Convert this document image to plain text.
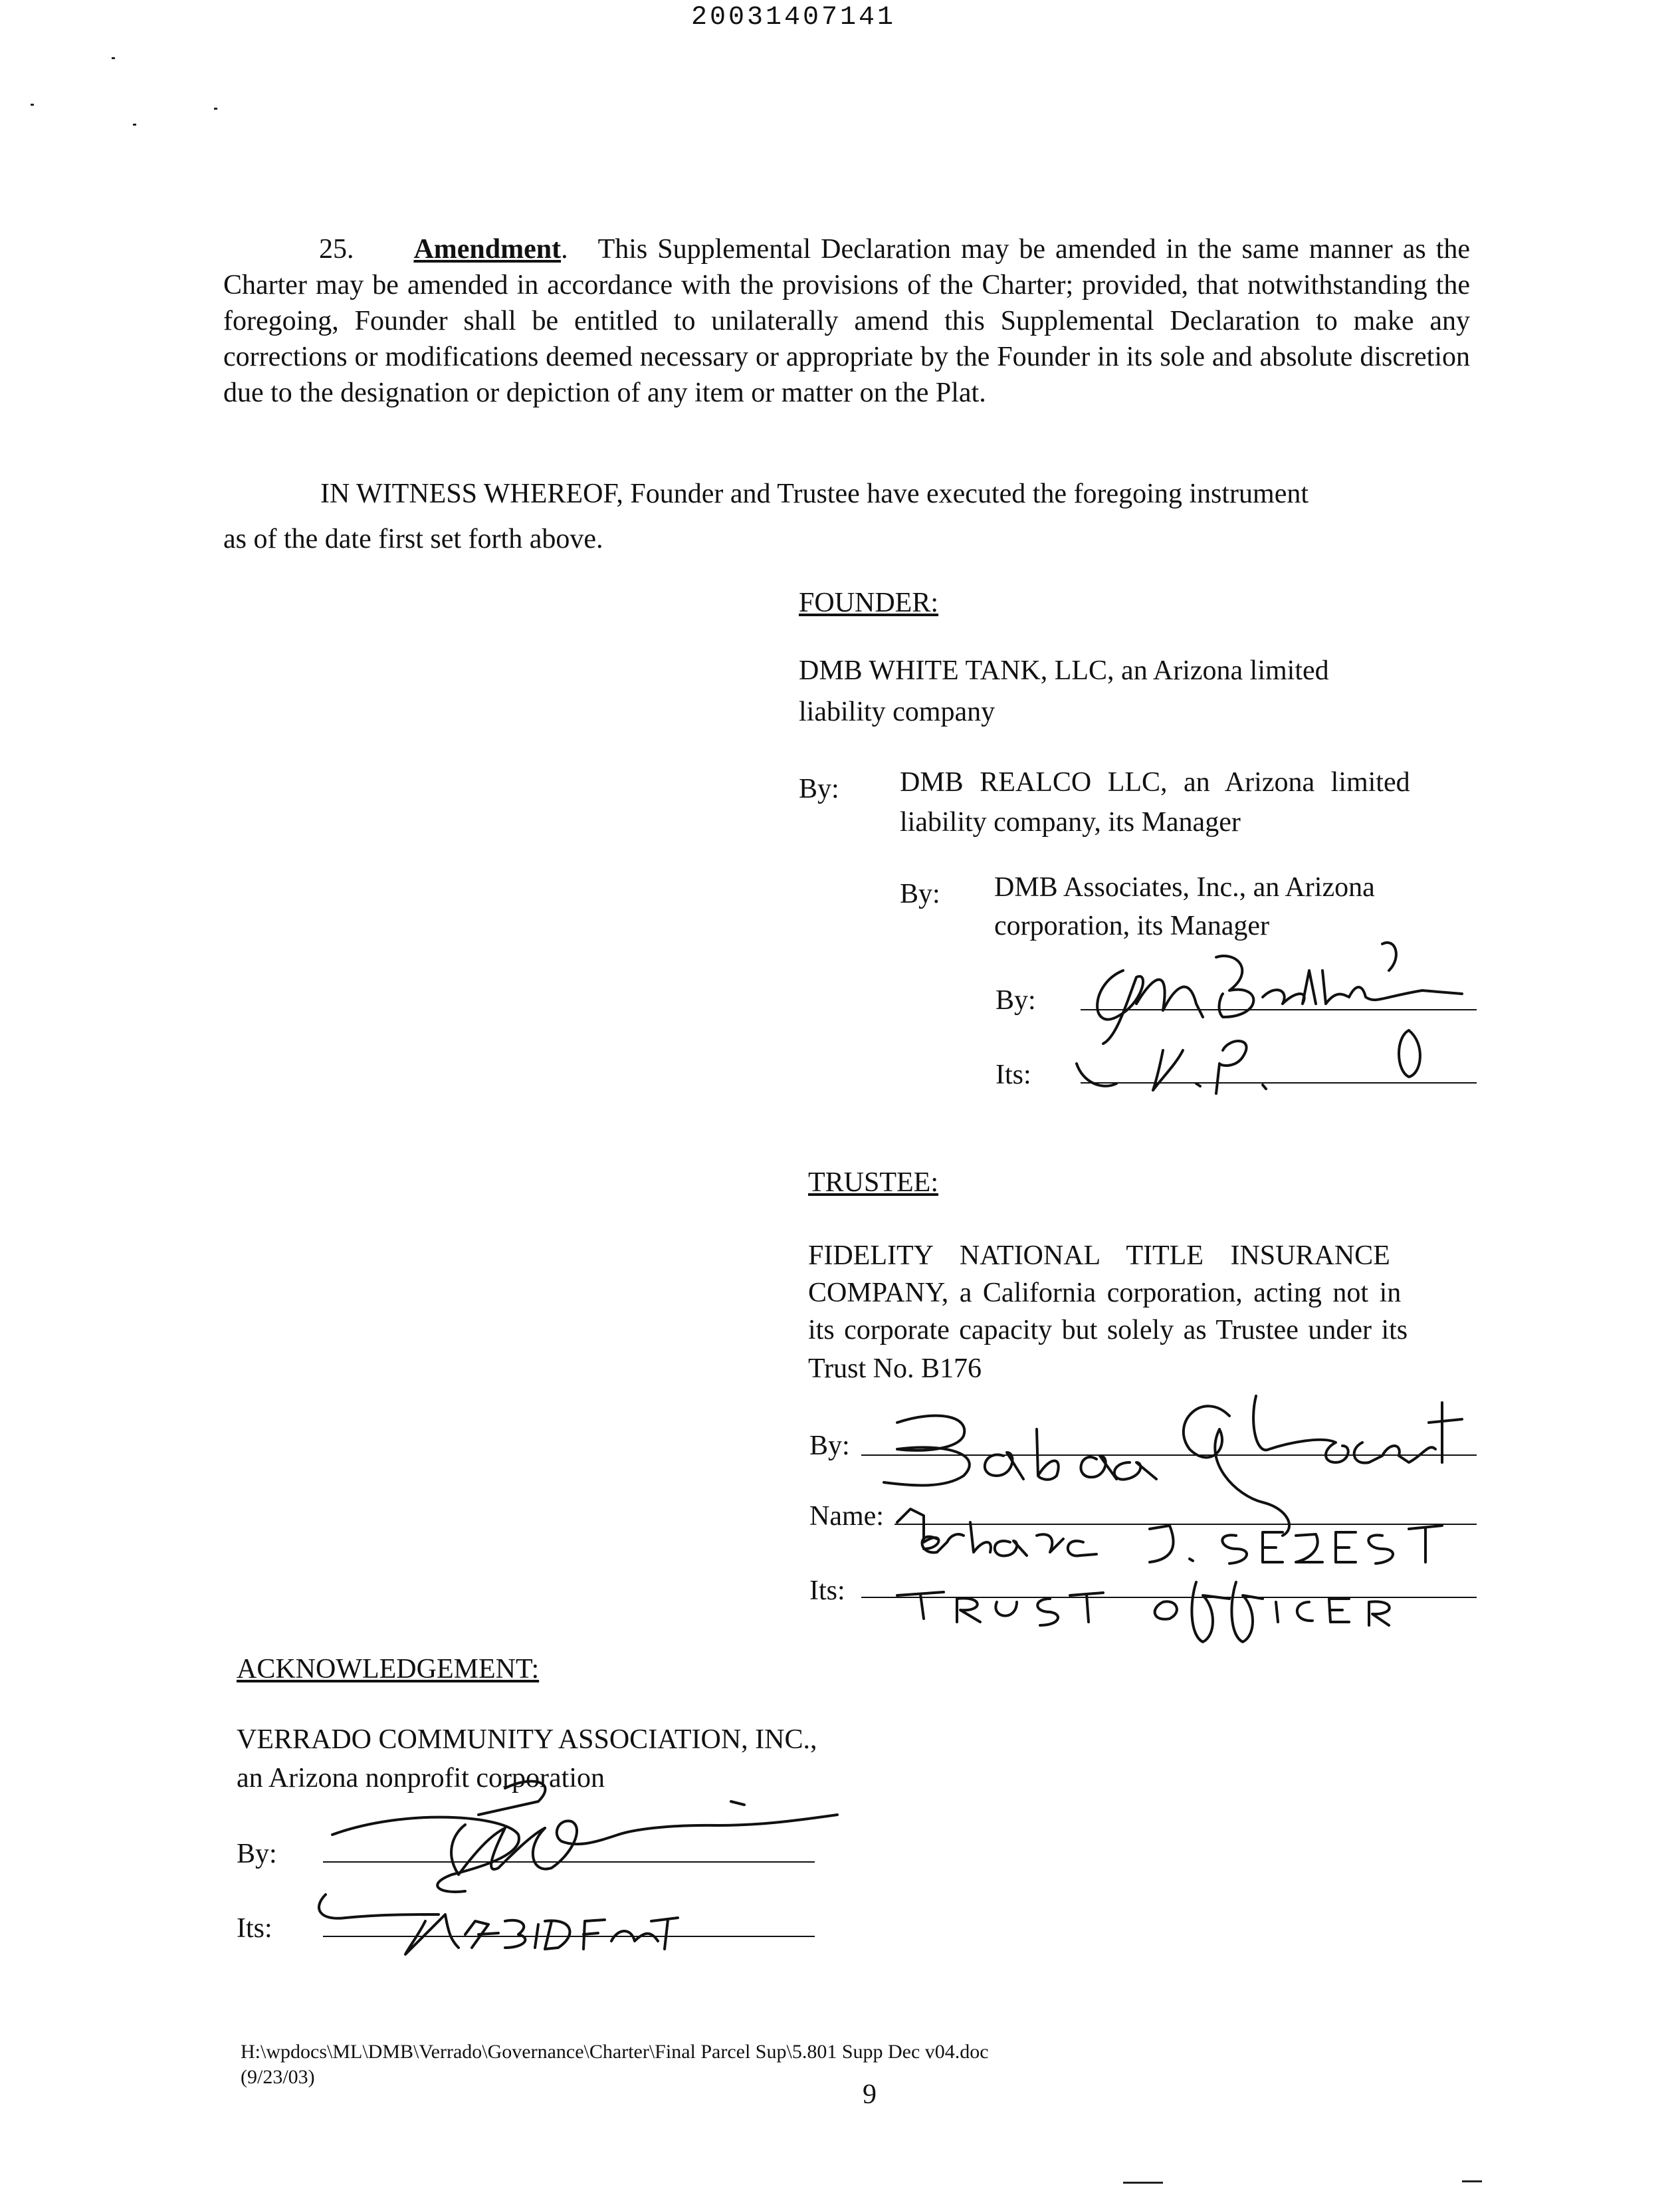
20031407141
25. Amendment.   This Supplemental Declaration may be amended in the same manner as the Charter may be amended in accordance with the provisions of the Charter; provided, that notwithstanding the foregoing, Founder shall be entitled to unilaterally amend this Supplemental Declaration to make any corrections or modifications deemed necessary or appropriate by the Founder in its sole and absolute discretion due to the designation or depiction of any item or matter on the Plat.
IN WITNESS WHEREOF, Founder and Trustee have executed the foregoing instrument
as of the date first set forth above.
FOUNDER:
DMB WHITE TANK, LLC, an Arizona limited
liability company
By: DMB REALCO LLC, an Arizona limited
liability company, its Manager
By: DMB Associates, Inc., an Arizona
corporation, its Manager
By:
Its:
TRUSTEE:
FIDELITY NATIONAL TITLE INSURANCE
COMPANY, a California corporation, acting not in
its corporate capacity but solely as Trustee under its
Trust No. B176
By:
Name:
Its:
ACKNOWLEDGEMENT:
VERRADO COMMUNITY ASSOCIATION, INC.,
an Arizona nonprofit corporation
By:
Its:
H:\wpdocs\ML\DMB\Verrado\Governance\Charter\Final Parcel Sup\5.801 Supp Dec v04.doc
(9/23/03)
9
